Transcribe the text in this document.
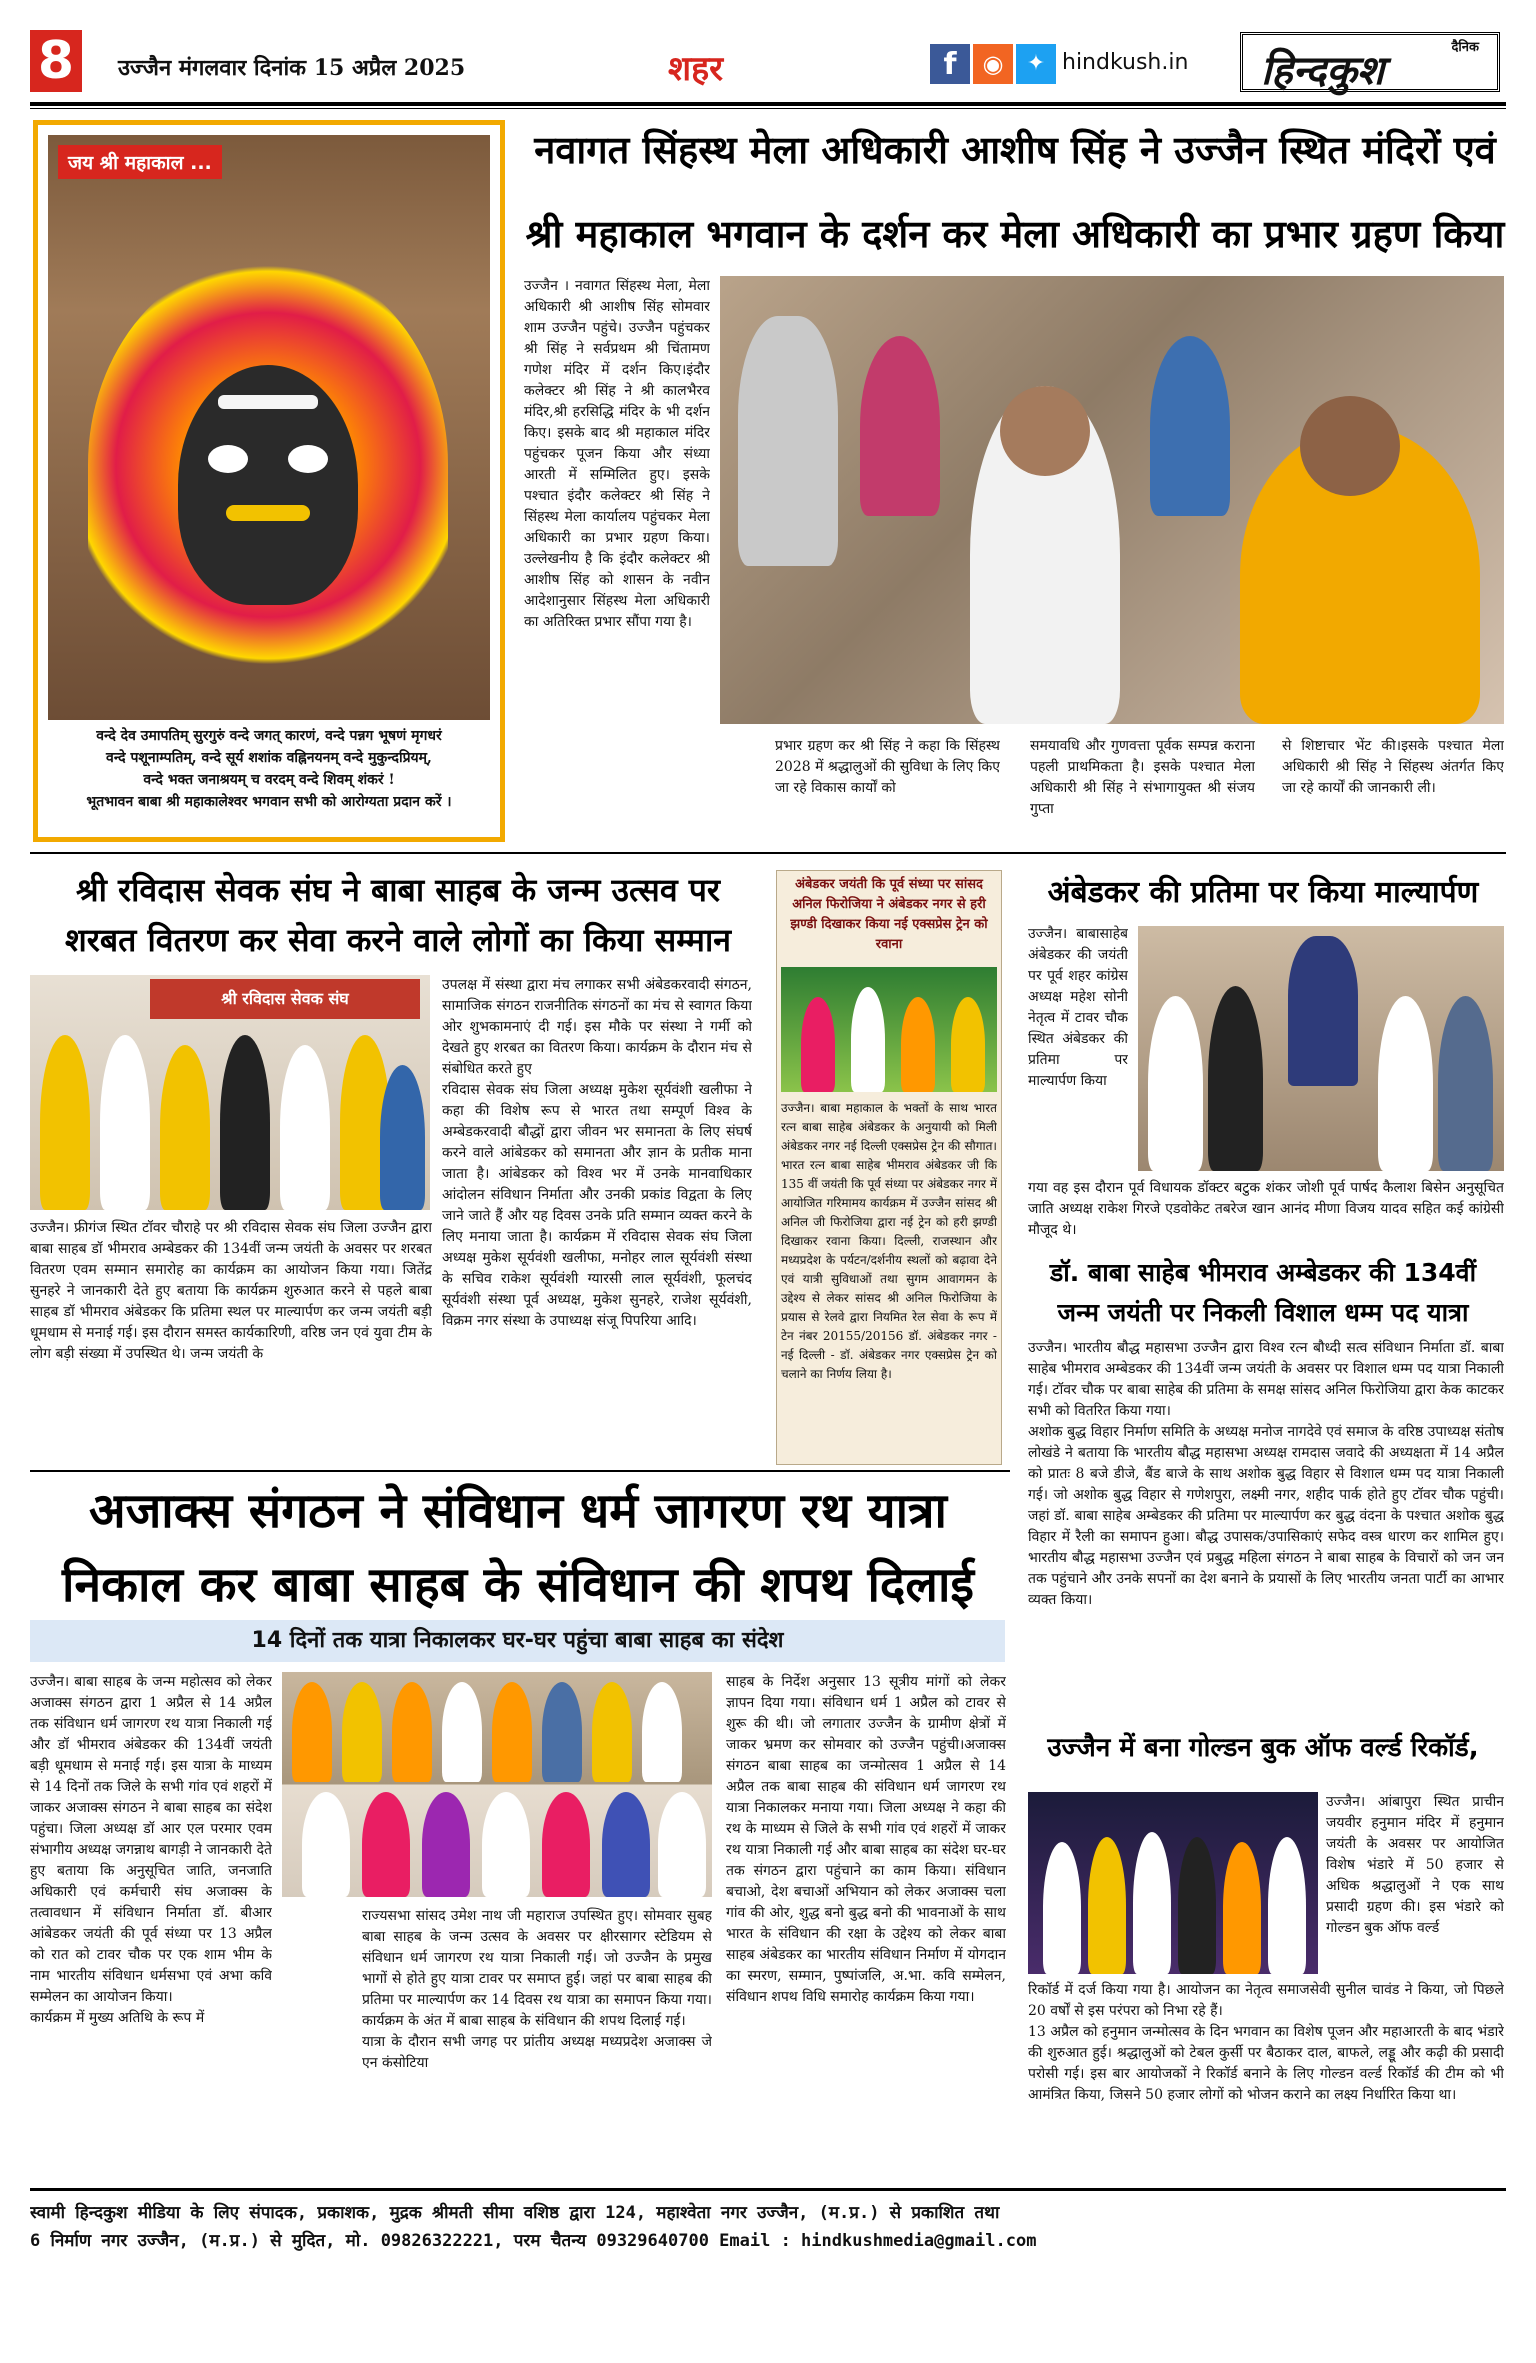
8	उज्जैन मंगलवार दिनांक 15 अप्रैल 2025	शहर	f	◉	✦ hindkush.in
दैनिक
हिन्दकुश
जय श्री महाकाल ...
वन्दे देव उमापतिम् सुरगुरुं वन्दे जगत् कारणं, वन्दे पन्नग भूषणं मृगधरं
वन्दे पशूनाम्पतिम्, वन्दे सूर्य शशांक वह्निनयनम् वन्दे मुकुन्दप्रियम्,
वन्दे भक्त जनाश्रयम् च वरदम् वन्दे शिवम् शंकरं !
भूतभावन बाबा श्री महाकालेश्वर भगवान सभी को आरोग्यता प्रदान करें ।
नवागत सिंहस्थ मेला अधिकारी आशीष सिंह ने उज्जैन स्थित मंदिरों एवं
श्री महाकाल भगवान के दर्शन कर मेला अधिकारी का प्रभार ग्रहण किया
उज्जैन । नवागत सिंहस्थ मेला, मेला अधिकारी श्री आशीष सिंह सोमवार शाम उज्जैन पहुंचे। उज्जैन पहुंचकर श्री सिंह ने सर्वप्रथम श्री चिंतामण गणेश मंदिर में दर्शन किए।इंदौर कलेक्टर श्री सिंह ने श्री कालभैरव मंदिर,श्री हरसिद्धि मंदिर के भी दर्शन किए। इसके बाद श्री महाकाल मंदिर पहुंचकर पूजन किया और संध्या आरती में सम्मिलित हुए। इसके पश्चात इंदौर कलेक्टर श्री सिंह ने सिंहस्थ मेला कार्यालय पहुंचकर मेला अधिकारी का प्रभार ग्रहण किया। उल्लेखनीय है कि इंदौर कलेक्टर श्री आशीष सिंह को शासन के नवीन आदेशानुसार सिंहस्थ मेला अधिकारी का अतिरिक्त प्रभार सौंपा गया है।
प्रभार ग्रहण कर श्री सिंह ने कहा कि सिंहस्थ 2028 में श्रद्धालुओं की सुविधा के लिए किए जा रहे विकास कार्यों को
समयावधि और गुणवत्ता पूर्वक सम्पन्न कराना पहली प्राथमिकता है। इसके पश्चात मेला अधिकारी श्री सिंह ने संभागायुक्त श्री संजय गुप्ता
से शिष्टाचार भेंट की।इसके पश्चात मेला अधिकारी श्री सिंह ने सिंहस्थ अंतर्गत किए जा रहे कार्यों की जानकारी ली।
श्री रविदास सेवक संघ ने बाबा साहब के जन्म उत्सव पर
शरबत वितरण कर सेवा करने वाले लोगों का किया सम्मान
श्री रविदास सेवक संघ
उज्जैन। फ्रीगंज स्थित टॉवर चौराहे पर श्री रविदास सेवक संघ जिला उज्जैन द्वारा बाबा साहब डॉ भीमराव अम्बेडकर की 134वीं जन्म जयंती के अवसर पर शरबत वितरण एवम सम्मान समारोह का कार्यक्रम का आयोजन किया गया। जितेंद्र सुनहरे ने जानकारी देते हुए बताया कि कार्यक्रम शुरुआत करने से पहले बाबा साहब डॉ भीमराव अंबेडकर कि प्रतिमा स्थल पर माल्यार्पण कर जन्म जयंती बड़ी धूमधाम से मनाई गई। इस दौरान समस्त कार्यकारिणी, वरिष्ठ जन एवं युवा टीम के लोग बड़ी संख्या में उपस्थित थे। जन्म जयंती के
उपलक्ष में संस्था द्वारा मंच लगाकर सभी अंबेडकरवादी संगठन, सामाजिक संगठन राजनीतिक संगठनों का मंच से स्वागत किया ओर शुभकामनाएं दी गई। इस मौके पर संस्था ने गर्मी को देखते हुए शरबत का वितरण किया। कार्यक्रम के दौरान मंच से संबोधित करते हुए
रविदास सेवक संघ जिला अध्यक्ष मुकेश सूर्यवंशी खलीफा ने कहा की विशेष रूप से भारत तथा सम्पूर्ण विश्व के अम्बेडकरवादी बौद्धों द्वारा जीवन भर समानता के लिए संघर्ष करने वाले आंबेडकर को समानता और ज्ञान के प्रतीक माना जाता है। आंबेडकर को विश्व भर में उनके मानवाधिकार आंदोलन संविधान निर्माता और उनकी प्रकांड विद्वता के लिए जाने जाते हैं और यह दिवस उनके प्रति सम्मान व्यक्त करने के लिए मनाया जाता है। कार्यक्रम में रविदास सेवक संघ जिला अध्यक्ष मुकेश सूर्यवंशी खलीफा, मनोहर लाल सूर्यवंशी संस्था के सचिव राकेश सूर्यवंशी ग्यारसी लाल सूर्यवंशी, फूलचंद सूर्यवंशी संस्था पूर्व अध्यक्ष, मुकेश सुनहरे, राजेश सूर्यवंशी, विक्रम नगर संस्था के उपाध्यक्ष संजू पिपरिया आदि।
अंबेडकर जयंती कि पूर्व संध्या पर सांसद अनिल फिरोजिया ने अंबेडकर नगर से हरी झण्डी दिखाकर किया नई एक्सप्रेस ट्रेन को रवाना
उज्जैन। बाबा महाकाल के भक्तों के साथ भारत रत्न बाबा साहेब अंबेडकर के अनुयायी को मिली अंबेडकर नगर नई दिल्ली एक्सप्रेस ट्रेन की सौगात। भारत रत्न बाबा साहेब भीमराव अंबेडकर जी कि 135 वीं जयंती कि पूर्व संध्या पर अंबेडकर नगर में आयोजित गरिमामय कार्यक्रम में उज्जैन सांसद श्री अनिल जी फिरोजिया द्वारा नई ट्रेन को हरी झण्डी दिखाकर रवाना किया। दिल्ली, राजस्थान और मध्यप्रदेश के पर्यटन/दर्शनीय स्थलों को बढ़ावा देने एवं यात्री सुविधाओं तथा सुगम आवागमन के उद्देश्य से लेकर सांसद श्री अनिल फिरोजिया के प्रयास से रेलवे द्वारा नियमित रेल सेवा के रूप में टेन नंबर 20155/20156 डॉ. अंबेडकर नगर - नई दिल्ली - डॉ. अंबेडकर नगर एक्सप्रेस ट्रेन को चलाने का निर्णय लिया है।
अंबेडकर की प्रतिमा पर किया माल्यार्पण
उज्जैन। बाबासाहेब अंबेडकर की जयंती पर पूर्व शहर कांग्रेस अध्यक्ष महेश सोनी नेतृत्व में टावर चौक स्थित अंबेडकर की प्रतिमा पर माल्यार्पण किया
गया वह इस दौरान पूर्व विधायक डॉक्टर बटुक शंकर जोशी पूर्व पार्षद कैलाश बिसेन अनुसूचित जाति अध्यक्ष राकेश गिरजे एडवोकेट तबरेज खान आनंद मीणा विजय यादव सहित कई कांग्रेसी मौजूद थे।
डॉ. बाबा साहेब भीमराव अम्बेडकर की 134वीं
जन्म जयंती पर निकली विशाल धम्म पद यात्रा
उज्जैन। भारतीय बौद्ध महासभा उज्जैन द्वारा विश्व रत्न बौध्दी सत्व संविधान निर्माता डॉ. बाबा साहेब भीमराव अम्बेडकर की 134वीं जन्म जयंती के अवसर पर विशाल धम्म पद यात्रा निकाली गई। टॉवर चौक पर बाबा साहेब की प्रतिमा के समक्ष सांसद अनिल फिरोजिया द्वारा केक काटकर सभी को वितरित किया गया।
अशोक बुद्ध विहार निर्माण समिति के अध्यक्ष मनोज नागदेवे एवं समाज के वरिष्ठ उपाध्यक्ष संतोष लोखंडे ने बताया कि भारतीय बौद्ध महासभा अध्यक्ष रामदास जवादे की अध्यक्षता में 14 अप्रैल को प्रातः 8 बजे डीजे, बैंड बाजे के साथ अशोक बुद्ध विहार से विशाल धम्म पद यात्रा निकाली गई। जो अशोक बुद्ध विहार से गणेशपुरा, लक्ष्मी नगर, शहीद पार्क होते हुए टॉवर चौक पहुंची। जहां डॉ. बाबा साहेब अम्बेडकर की प्रतिमा पर माल्यार्पण कर बुद्ध वंदना के पश्चात अशोक बुद्ध विहार में रैली का समापन हुआ। बौद्ध उपासक/उपासिकाएं सफेद वस्त्र धारण कर शामिल हुए। भारतीय बौद्ध महासभा उज्जैन एवं प्रबुद्ध महिला संगठन ने बाबा साहब के विचारों को जन जन तक पहुंचाने और उनके सपनों का देश बनाने के प्रयासों के लिए भारतीय जनता पार्टी का आभार व्यक्त किया।
अजाक्स संगठन ने संविधान धर्म जागरण रथ यात्रा
निकाल कर बाबा साहब के संविधान की शपथ दिलाई
14 दिनों तक यात्रा निकालकर घर-घर पहुंचा बाबा साहब का संदेश
उज्जैन। बाबा साहब के जन्म महोत्सव को लेकर अजाक्स संगठन द्वारा 1 अप्रैल से 14 अप्रैल तक संविधान धर्म जागरण रथ यात्रा निकाली गई और डॉ भीमराव अंबेडकर की 134वीं जयंती बड़ी धूमधाम से मनाई गई। इस यात्रा के माध्यम से 14 दिनों तक जिले के सभी गांव एवं शहरों में जाकर अजाक्स संगठन ने बाबा साहब का संदेश पहुंचा। जिला अध्यक्ष डॉ आर एल परमार एवम संभागीय अध्यक्ष जगन्नाथ बागड़ी ने जानकारी देते हुए बताया कि अनुसूचित जाति, जनजाति अधिकारी एवं कर्मचारी संघ अजाक्स के तत्वावधान में संविधान निर्माता डॉ. बीआर आंबेडकर जयंती की पूर्व संध्या पर 13 अप्रैल को रात को टावर चौक पर एक शाम भीम के नाम भारतीय संविधान धर्मसभा एवं अभा कवि सम्मेलन का आयोजन किया।
कार्यक्रम में मुख्य अतिथि के रूप में
राज्यसभा सांसद उमेश नाथ जी महाराज उपस्थित हुए। सोमवार सुबह बाबा साहब के जन्म उत्सव के अवसर पर क्षीरसागर स्टेडियम से संविधान धर्म जागरण रथ यात्रा निकाली गई। जो उज्जैन के प्रमुख भागों से होते हुए यात्रा टावर पर समाप्त हुई। जहां पर बाबा साहब की प्रतिमा पर माल्यार्पण कर 14 दिवस रथ यात्रा का समापन किया गया। कार्यक्रम के अंत में बाबा साहब के संविधान की शपथ दिलाई गई।
यात्रा के दौरान सभी जगह पर प्रांतीय अध्यक्ष मध्यप्रदेश अजाक्स जे एन कंसोटिया
साहब के निर्देश अनुसार 13 सूत्रीय मांगों को लेकर ज्ञापन दिया गया। संविधान धर्म 1 अप्रैल को टावर से शुरू की थी। जो लगातार उज्जैन के ग्रामीण क्षेत्रों में जाकर भ्रमण कर सोमवार को उज्जैन पहुंची।अजाक्स संगठन बाबा साहब का जन्मोत्सव 1 अप्रैल से 14 अप्रैल तक बाबा साहब की संविधान धर्म जागरण रथ यात्रा निकालकर मनाया गया। जिला अध्यक्ष ने कहा की रथ के माध्यम से जिले के सभी गांव एवं शहरों में जाकर रथ यात्रा निकाली गई और बाबा साहब का संदेश घर-घर तक संगठन द्वारा पहुंचाने का काम किया। संविधान बचाओ, देश बचाओं अभियान को लेकर अजाक्स चला गांव की ओर, शुद्ध बनो बुद्ध बनो की भावनाओं के साथ भारत के संविधान की रक्षा के उद्देश्य को लेकर बाबा साहब अंबेडकर का भारतीय संविधान निर्माण में योगदान का स्मरण, सम्मान, पुष्पांजलि, अ.भा. कवि सम्मेलन, संविधान शपथ विधि समारोह कार्यक्रम किया गया।
उज्जैन में बना गोल्डन बुक ऑफ वर्ल्ड रिकॉर्ड,
उज्जैन। आंबापुरा स्थित प्राचीन जयवीर हनुमान मंदिर में हनुमान जयंती के अवसर पर आयोजित विशेष भंडारे में 50 हजार से अधिक श्रद्धालुओं ने एक साथ प्रसादी ग्रहण की। इस भंडारे को गोल्डन बुक ऑफ वर्ल्ड
रिकॉर्ड में दर्ज किया गया है। आयोजन का नेतृत्व समाजसेवी सुनील चावंड ने किया, जो पिछले 20 वर्षों से इस परंपरा को निभा रहे हैं।
13 अप्रैल को हनुमान जन्मोत्सव के दिन भगवान का विशेष पूजन और महाआरती के बाद भंडारे की शुरुआत हुई। श्रद्धालुओं को टेबल कुर्सी पर बैठाकर दाल, बाफले, लड्डू और कढ़ी की प्रसादी परोसी गई। इस बार आयोजकों ने रिकॉर्ड बनाने के लिए गोल्डन वर्ल्ड रिकॉर्ड की टीम को भी आमंत्रित किया, जिसने 50 हजार लोगों को भोजन कराने का लक्ष्य निर्धारित किया था।
स्वामी हिन्दकुश मीडिया के लिए संपादक, प्रकाशक, मुद्रक श्रीमती सीमा वशिष्ठ द्वारा 124, महाश्वेता नगर उज्जैन, (म.प्र.) से प्रकाशित तथा
6 निर्माण नगर उज्जैन, (म.प्र.) से मुदित, मो. 09826322221, परम चैतन्य 09329640700 Email : hindkushmedia@gmail.com
